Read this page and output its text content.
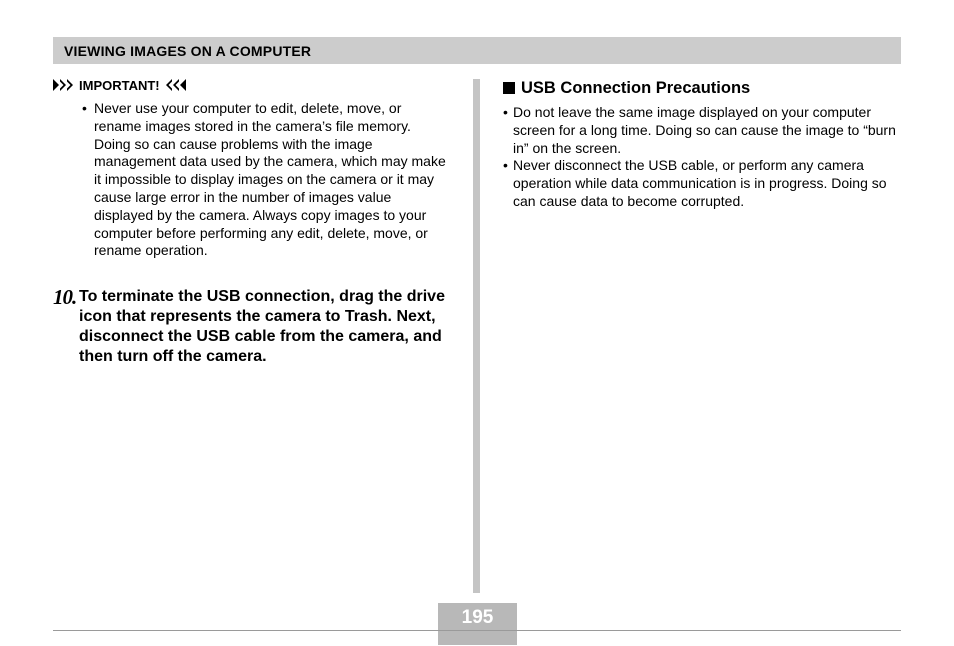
VIEWING IMAGES ON A COMPUTER
IMPORTANT!
• Never use your computer to edit, delete, move, or rename images stored in the camera’s file memory. Doing so can cause problems with the image management data used by the camera, which may make it impossible to display images on the camera or it may cause large error in the number of images value displayed by the camera. Always copy images to your computer before performing any edit, delete, move, or rename operation.
10. To terminate the USB connection, drag the drive icon that represents the camera to Trash. Next, disconnect the USB cable from the camera, and then turn off the camera.
USB Connection Precautions
• Do not leave the same image displayed on your computer screen for a long time. Doing so can cause the image to “burn in” on the screen.
• Never disconnect the USB cable, or perform any camera operation while data communication is in progress. Doing so can cause data to become corrupted.
195
